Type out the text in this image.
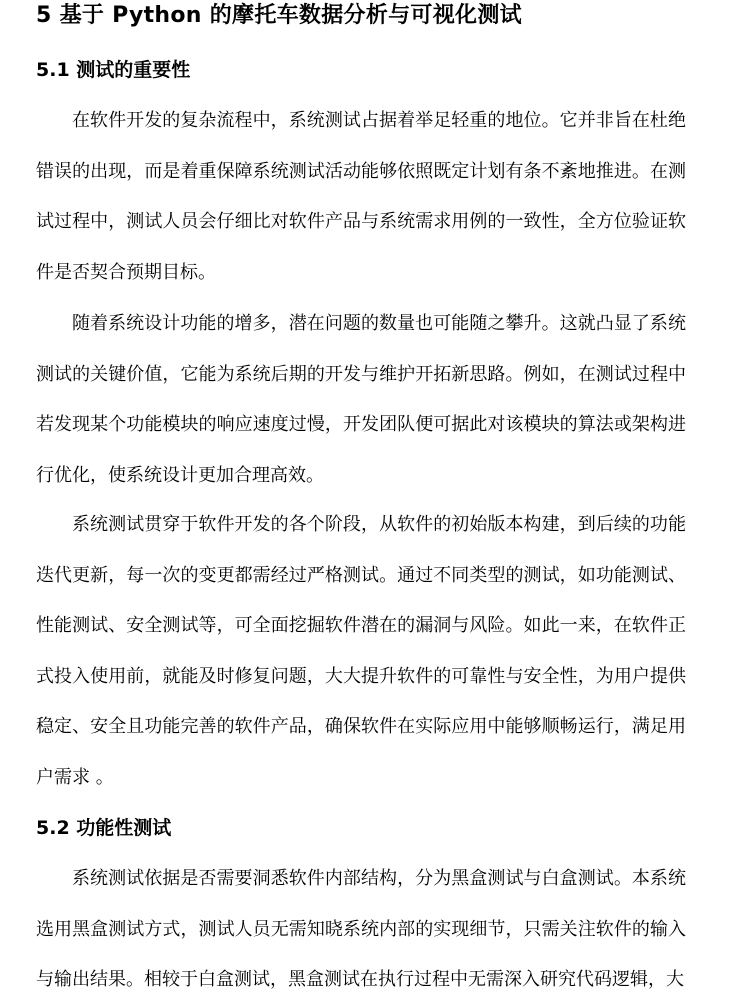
5 基于 Python 的摩托车数据分析与可视化测试
5.1 测试的重要性

在软件开发的复杂流程中，系统测试占据着举足轻重的地位。它并非旨在杜绝错误的出现，而是着重保障系统测试活动能够依照既定计划有条不紊地推进。在测试过程中，测试人员会仔细比对软件产品与系统需求用例的一致性，全方位验证软件是否契合预期目标。

随着系统设计功能的增多，潜在问题的数量也可能随之攀升。这就凸显了系统测试的关键价值，它能为系统后期的开发与维护开拓新思路。例如，在测试过程中若发现某个功能模块的响应速度过慢，开发团队便可据此对该模块的算法或架构进行优化，使系统设计更加合理高效。

系统测试贯穿于软件开发的各个阶段，从软件的初始版本构建，到后续的功能迭代更新，每一次的变更都需经过严格测试。通过不同类型的测试，如功能测试、性能测试、安全测试等，可全面挖掘软件潜在的漏洞与风险。如此一来，在软件正式投入使用前，就能及时修复问题，大大提升软件的可靠性与安全性，为用户提供稳定、安全且功能完善的软件产品，确保软件在实际应用中能够顺畅运行，满足用户需求 。

5.2 功能性测试

系统测试依据是否需要洞悉软件内部结构，分为黑盒测试与白盒测试。本系统选用黑盒测试方式，测试人员无需知晓系统内部的实现细节，只需关注软件的输入与输出结果。相较于白盒测试，黑盒测试在执行过程中无需深入研究代码逻辑，大
